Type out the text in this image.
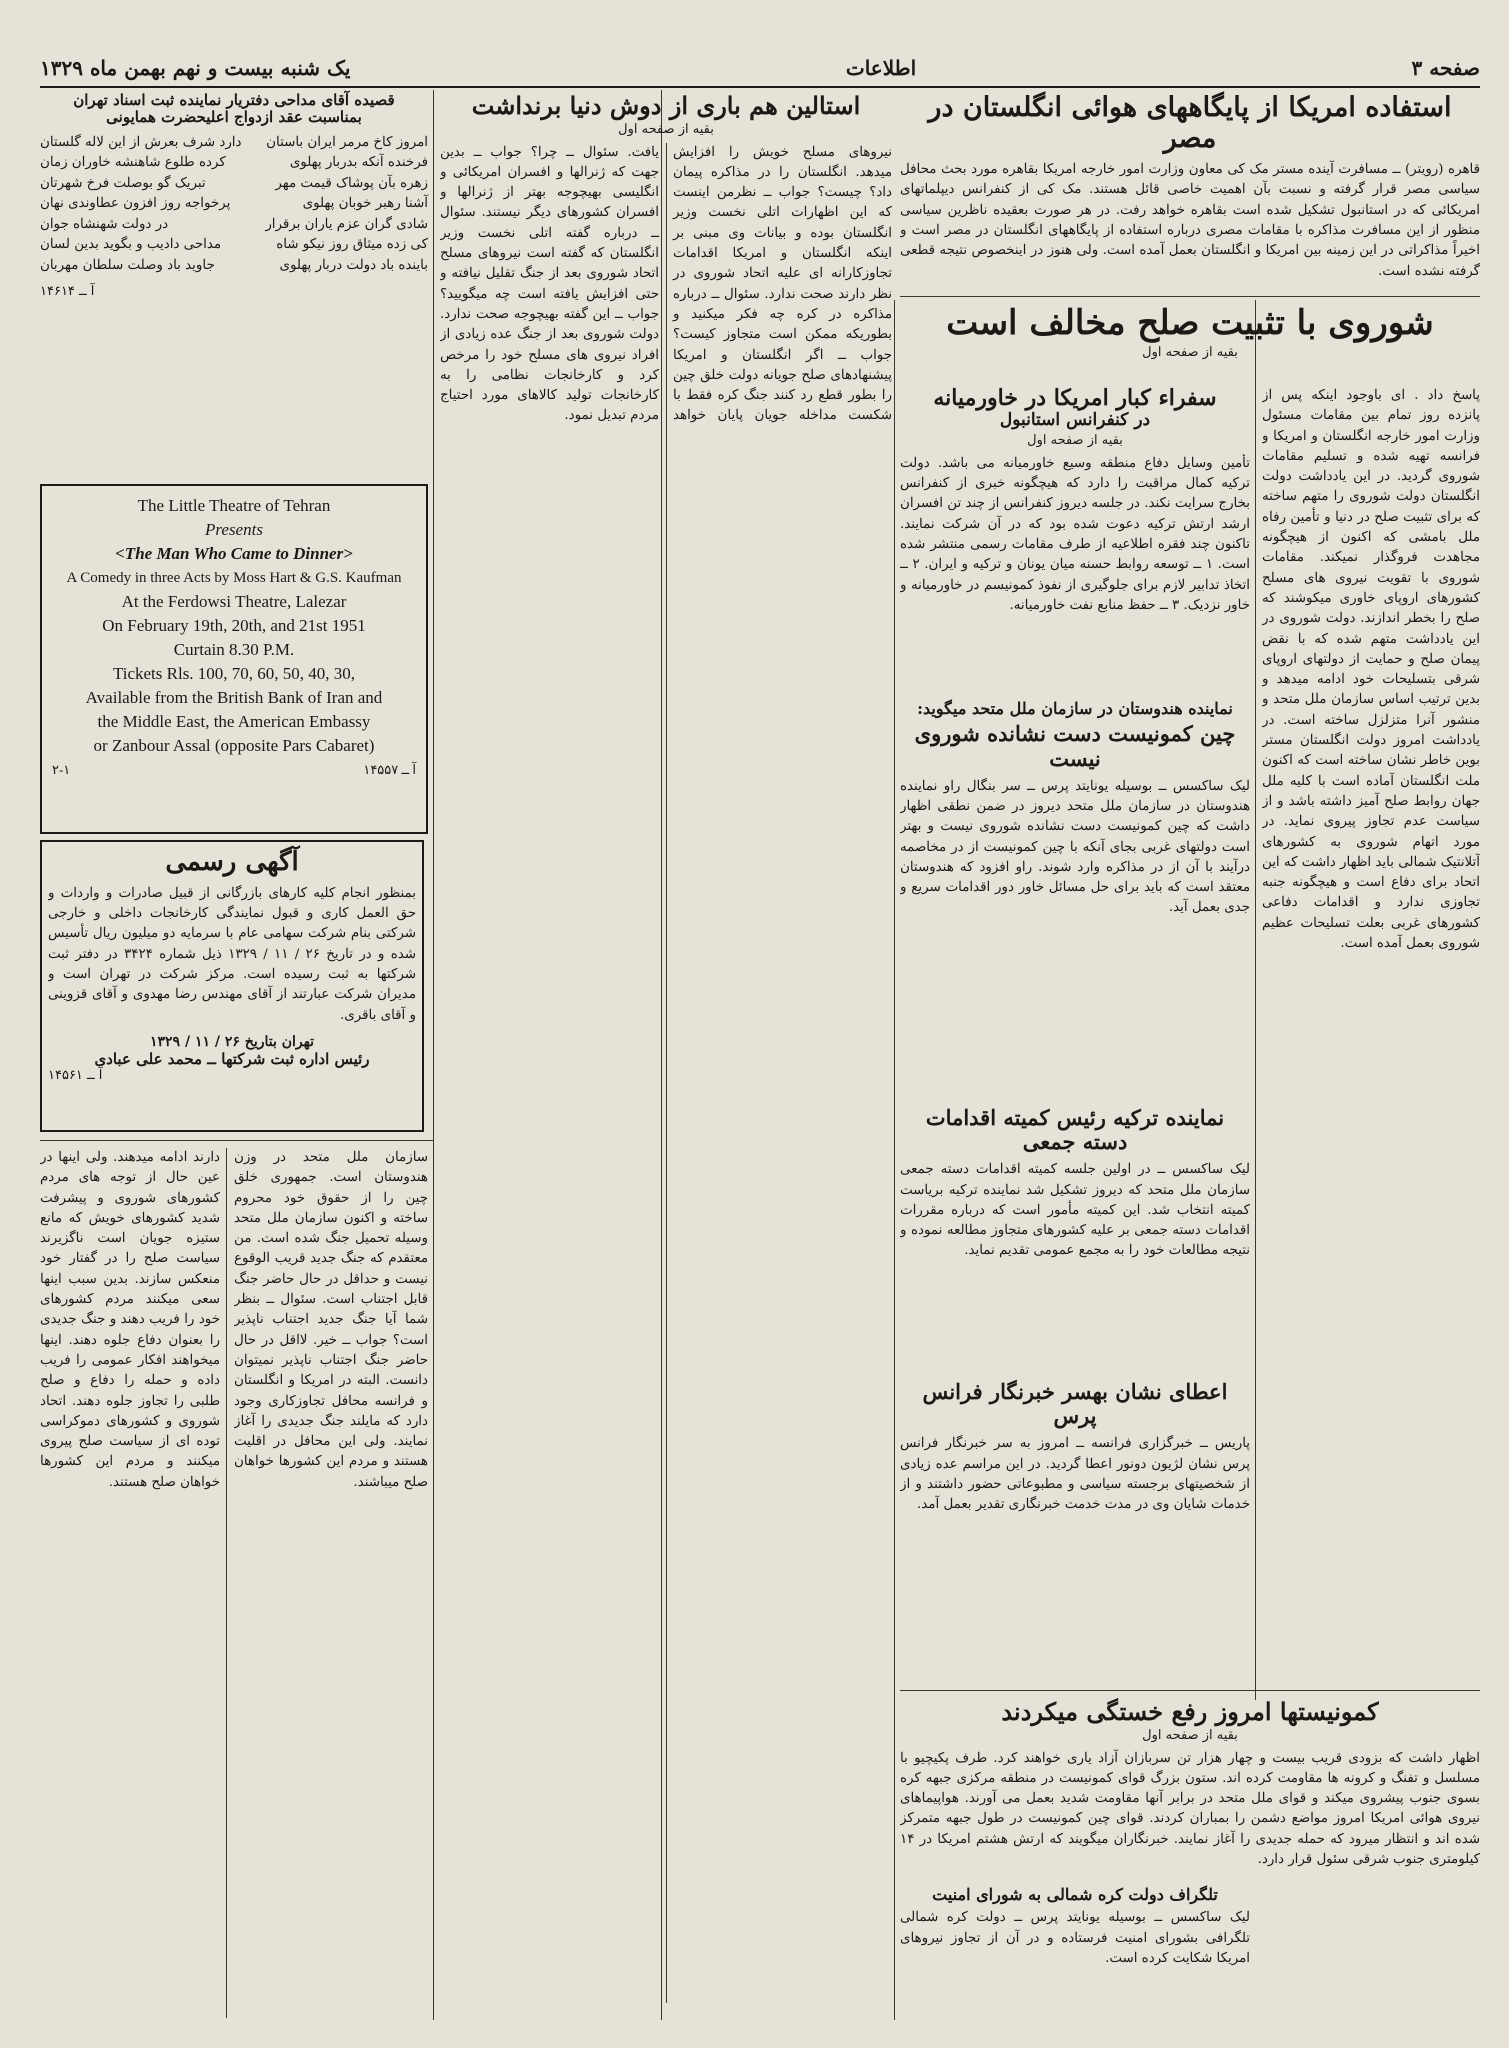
صفحه ۳
اطلاعات
یک شنبه بیست و نهم بهمن ماه ۱۳۲۹
استفاده امریکا از پایگاههای هوائی انگلستان در مصر
قاهره (رویتر) ــ مسافرت آینده مستر مک کی معاون وزارت امور خارجه امریکا بقاهره مورد بحث محافل سیاسی مصر قرار گرفته و نسبت بآن اهمیت خاصی قائل هستند. مک کی از کنفرانس دیپلماتهای امریکائی که در استانبول تشکیل شده است بقاهره خواهد رفت. در هر صورت بعقیده ناظرین سیاسی منظور از این مسافرت مذاکره با مقامات مصری درباره استفاده از پایگاههای انگلستان در مصر است و اخیراً مذاکراتی در این زمینه بین امریکا و انگلستان بعمل آمده است. ولی هنوز در اینخصوص نتیجه قطعی گرفته نشده است.
شوروی با تثبیت صلح مخالف است
بقیه از صفحه اول
پاسخ داد . ای باوجود اینکه پس از پانزده روز تمام بین مقامات مسئول وزارت امور خارجه انگلستان و امریکا و فرانسه تهیه شده و تسلیم مقامات شوروی گردید. در این یادداشت دولت انگلستان دولت شوروی را متهم ساخته که برای تثبیت صلح در دنیا و تأمین رفاه ملل بامشی که اکنون از هیچگونه مجاهدت فروگذار نمیکند. مقامات شوروی با تقویت نیروی های مسلح کشورهای اروپای خاوری میکوشند که صلح را بخطر اندازند. دولت شوروی در این یادداشت متهم شده که با نقض پیمان صلح و حمایت از دولتهای اروپای شرقی بتسلیحات خود ادامه میدهد و بدین ترتیب اساس سازمان ملل متحد و منشور آنرا متزلزل ساخته است. در یادداشت امروز دولت انگلستان مستر بوین خاطر نشان ساخته است که اکنون ملت انگلستان آماده است با کلیه ملل جهان روابط صلح آمیز داشته باشد و از سیاست عدم تجاوز پیروی نماید. در مورد اتهام شوروی به کشورهای آتلانتیک شمالی باید اظهار داشت که این اتحاد برای دفاع است و هیچگونه جنبه تجاوزی ندارد و اقدامات دفاعی کشورهای غربی بعلت تسلیحات عظیم شوروی بعمل آمده است.
سفراء کبار امریکا در خاورمیانه
در کنفرانس استانبول
بقیه از صفحه اول
تأمین وسایل دفاع منطقه وسیع خاورمیانه می باشد. دولت ترکیه کمال مراقبت را دارد که هیچگونه خبری از کنفرانس بخارج سرایت نکند. در جلسه دیروز کنفرانس از چند تن افسران ارشد ارتش ترکیه دعوت شده بود که در آن شرکت نمایند. تاکنون چند فقره اطلاعیه از طرف مقامات رسمی منتشر شده است. ۱ ــ توسعه روابط حسنه میان یونان و ترکیه و ایران. ۲ ــ اتخاذ تدابیر لازم برای جلوگیری از نفوذ کمونیسم در خاورمیانه و خاور نزدیک. ۳ ــ حفظ منابع نفت خاورمیانه.
نماینده هندوستان در سازمان ملل متحد میگوید:
چین کمونیست دست نشانده شوروی نیست
لیک ساکسس ــ بوسیله یونایتد پرس ــ سر بنگال راو نماینده هندوستان در سازمان ملل متحد دیروز در ضمن نطقی اظهار داشت که چین کمونیست دست نشانده شوروی نیست و بهتر است دولتهای غربی بجای آنکه با چین کمونیست از در مخاصمه درآیند با آن از در مذاکره وارد شوند. راو افزود که هندوستان معتقد است که باید برای حل مسائل خاور دور اقدامات سریع و جدی بعمل آید.
نماینده ترکیه رئیس کمیته اقدامات دسته جمعی
لیک ساکسس ــ در اولین جلسه کمیته اقدامات دسته جمعی سازمان ملل متحد که دیروز تشکیل شد نماینده ترکیه بریاست کمیته انتخاب شد. این کمیته مأمور است که درباره مقررات اقدامات دسته جمعی بر علیه کشورهای متجاوز مطالعه نموده و نتیجه مطالعات خود را به مجمع عمومی تقدیم نماید.
اعطای نشان بهسر خبرنگار فرانس پرس
پاریس ــ خبرگزاری فرانسه ــ امروز به سر خبرنگار فرانس پرس نشان لژیون دونور اعطا گردید. در این مراسم عده زیادی از شخصیتهای برجسته سیاسی و مطبوعاتی حضور داشتند و از خدمات شایان وی در مدت خدمت خبرنگاری تقدیر بعمل آمد.
کمونیستها امروز رفع خستگی میکردند
بقیه از صفحه اول
اظهار داشت که بزودی قریب بیست و چهار هزار تن سربازان آزاد یاری خواهند کرد. طرف پکیچیو با مسلسل و تفنگ و کرونه ها مقاومت کرده اند. ستون بزرگ قوای کمونیست در منطقه مرکزی جبهه کره بسوی جنوب پیشروی میکند و قوای ملل متحد در برابر آنها مقاومت شدید بعمل می آورند. هواپیماهای نیروی هوائی امریکا امروز مواضع دشمن را بمباران کردند. قوای چین کمونیست در طول جبهه متمرکز شده اند و انتظار میرود که حمله جدیدی را آغاز نمایند. خبرنگاران میگویند که ارتش هشتم امریکا در ۱۴ کیلومتری جنوب شرقی سئول قرار دارد.
تلگراف دولت کره شمالی به شورای امنیت
لیک ساکسس ــ بوسیله یونایتد پرس ــ دولت کره شمالی تلگرافی بشورای امنیت فرستاده و در آن از تجاوز نیروهای امریکا شکایت کرده است.
استالین هم باری از دوش دنیا برنداشت
بقیه از صفحه اول
نیروهای مسلح خویش را افزایش میدهد. انگلستان را در مذاکره پیمان داد؟ چیست؟ جواب ــ نظرمن اینست که این اظهارات اتلی نخست وزیر انگلستان بوده و بیانات وی مبنی بر اینکه انگلستان و امریکا اقدامات تجاوزکارانه ای علیه اتحاد شوروی در نظر دارند صحت ندارد. سئوال ــ درباره مذاکره در کره چه فکر میکنید و بطوریکه ممکن است متجاوز کیست؟ جواب ــ اگر انگلستان و امریکا پیشنهادهای صلح جویانه دولت خلق چین را بطور قطع رد کنند جنگ کره فقط با شکست مداخله جویان پایان خواهد یافت. سئوال ــ چرا؟ جواب ــ بدین جهت که ژنرالها و افسران امریکائی و انگلیسی بهیچوجه بهتر از ژنرالها و افسران کشورهای دیگر نیستند. سئوال ــ درباره گفته اتلی نخست وزیر انگلستان که گفته است نیروهای مسلح اتحاد شوروی بعد از جنگ تقلیل نیافته و حتی افزایش یافته است چه میگویید؟ جواب ــ این گفته بهیچوجه صحت ندارد. دولت شوروی بعد از جنگ عده زیادی از افراد نیروی های مسلح خود را مرخص کرد و کارخانجات نظامی را به کارخانجات تولید کالاهای مورد احتیاج مردم تبدیل نمود.
قصیده آقای مداحی دفتریار نماینده ثبت اسناد تهران
بمناسبت عقد ازدواج اعلیحضرت همایونی
امروز کاخ مرمر ایران باستان
دارد شرف بعرش از این لاله گلستان
فرخنده آنکه بدربار پهلوی
کرده طلوع شاهنشه خاوران زمان
زهره بآن پوشاک قیمت مهر
تبریک گو بوصلت فرخ شهرتان
آشنا رهبر خوبان پهلوی
پرخواجه روز افزون عطاوندی نهان
شادی گران عزم یاران برقرار
در دولت شهنشاه جوان
کی زده میثاق روز نیکو شاه
مداحی دادیب و بگوید بدین لسان
باینده باد دولت دربار پهلوی
جاوید باد وصلت سلطان مهربان
آ ــ ۱۴۶۱۴
The Little Theatre of Tehran
Presents
<The Man Who Came to Dinner>
A Comedy in three Acts by Moss Hart & G.S. Kaufman
At the Ferdowsi Theatre, Lalezar
On February 19th, 20th, and 21st 1951
Curtain 8.30 P.M.
Tickets Rls. 100, 70, 60, 50, 40, 30,
Available from the British Bank of Iran and
the Middle East, the American Embassy
or Zanbour Assal (opposite Pars Cabaret)
۲-۱	آ ــ ۱۴۵۵۷
آگهی رسمی
بمنظور انجام کلیه کارهای بازرگانی از قبیل صادرات و واردات و حق العمل کاری و قبول نمایندگی کارخانجات داخلی و خارجی شرکتی بنام شرکت سهامی عام با سرمایه دو میلیون ریال تأسیس شده و در تاریخ ۲۶ / ۱۱ / ۱۳۲۹ ذیل شماره ۳۴۲۴ در دفتر ثبت شرکتها به ثبت رسیده است. مرکز شرکت در تهران است و مدیران شرکت عبارتند از آقای مهندس رضا مهدوی و آقای قزوینی و آقای باقری.
تهران بتاریخ ۲۶ / ۱۱ / ۱۳۲۹
رئیس اداره ثبت شرکتها ــ محمد علی عبادی
آ ــ ۱۴۵۶۱
دارند ادامه میدهند. ولی اینها در عین حال از توجه های مردم کشورهای شوروی و پیشرفت شدید کشورهای خویش که مانع ستیزه جویان است ناگزیرند سیاست صلح را در گفتار خود منعکس سازند. بدین سبب اینها سعی میکنند مردم کشورهای خود را فریب دهند و جنگ جدیدی را بعنوان دفاع جلوه دهند. اینها میخواهند افکار عمومی را فریب داده و حمله را دفاع و صلح طلبی را تجاوز جلوه دهند. اتحاد شوروی و کشورهای دموکراسی توده ای از سیاست صلح پیروی میکنند و مردم این کشورها خواهان صلح هستند.
سازمان ملل متحد در وزن هندوستان است. جمهوری خلق چین را از حقوق خود محروم ساخته و اکنون سازمان ملل متحد وسیله تحمیل جنگ شده است. من معتقدم که جنگ جدید قریب الوقوع نیست و حداقل در حال حاضر جنگ قابل اجتناب است. سئوال ــ بنظر شما آیا جنگ جدید اجتناب ناپذیر است؟ جواب ــ خیر. لااقل در حال حاضر جنگ اجتناب ناپذیر نمیتوان دانست. البته در امریکا و انگلستان و فرانسه محافل تجاوزکاری وجود دارد که مایلند جنگ جدیدی را آغاز نمایند. ولی این محافل در اقلیت هستند و مردم این کشورها خواهان صلح میباشند.
